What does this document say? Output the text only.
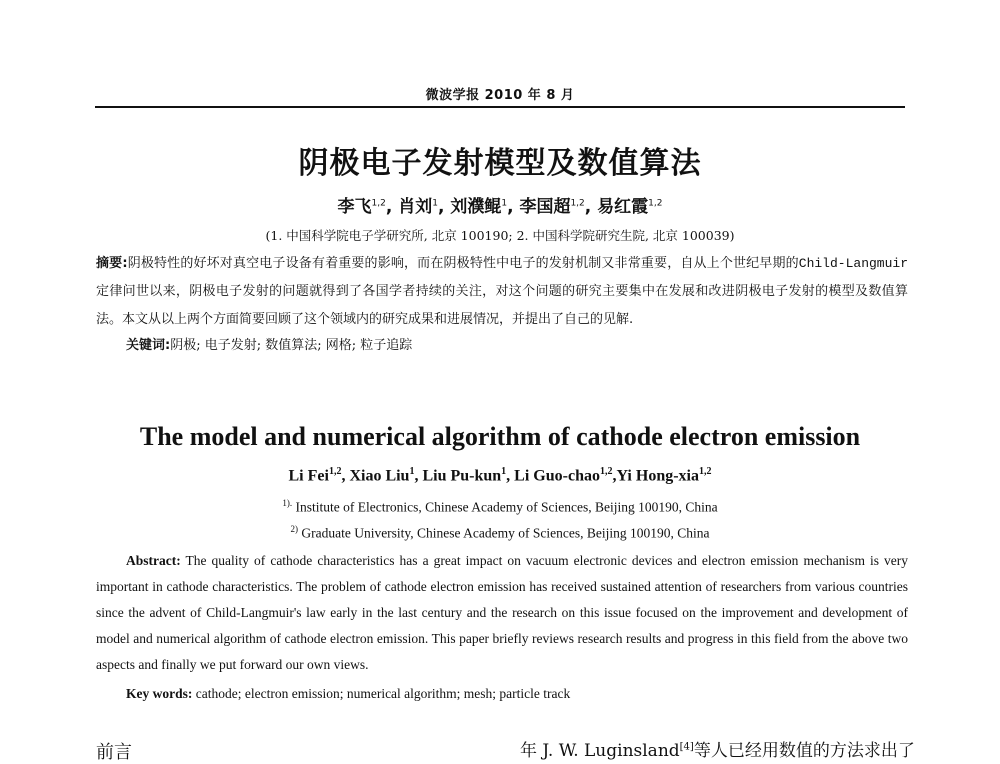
微波学报 2010 年 8 月
阴极电子发射模型及数值算法
李飞$^{1,2}$, 肖刘$^1$, 刘濮鲲$^1$, 李国超$^{1,2}$, 易红霞$^{1,2}$
(1. 中国科学院电子学研究所, 北京 100190; 2. 中国科学院研究生院, 北京 100039)
摘要:阴极特性的好坏对真空电子设备有着重要的影响，而在阴极特性中电子的发射机制又非常重要，自从上个世纪早期的Child-Langmuir 定律问世以来，阴极电子发射的问题就得到了各国学者持续的关注，对这个问题的研究主要集中在发展和改进阴极电子发射的模型及数值算法。本文从以上两个方面简要回顾了这个领域内的研究成果和进展情况，并提出了自己的见解.
关键词:阴极; 电子发射; 数值算法; 网格; 粒子追踪
The model and numerical algorithm of cathode electron emission
Li Fei$^{1,2}$, Xiao Liu$^1$, Liu Pu-kun$^1$, Li Guo-chao$^{1,2}$,Yi Hong-xia$^{1,2}$
$^{1).}$ Institute of Electronics, Chinese Academy of Sciences, Beijing 100190, China
$^{2)}$ Graduate University, Chinese Academy of Sciences, Beijing 100190, China
Abstract: The quality of cathode characteristics has a great impact on vacuum electronic devices and electron emission mechanism is very important in cathode characteristics. The problem of cathode electron emission has received sustained attention of researchers from various countries since the advent of Child-Langmuir's law early in the last century and the research on this issue focused on the improvement and development of model and numerical algorithm of cathode electron emission. This paper briefly reviews research results and progress in this field from the above two aspects and finally we put forward our own views.
Key words: cathode; electron emission; numerical algorithm; mesh; particle track
前言	年 J. W. Luginsland[4]等人已经用数值的方法求出了
